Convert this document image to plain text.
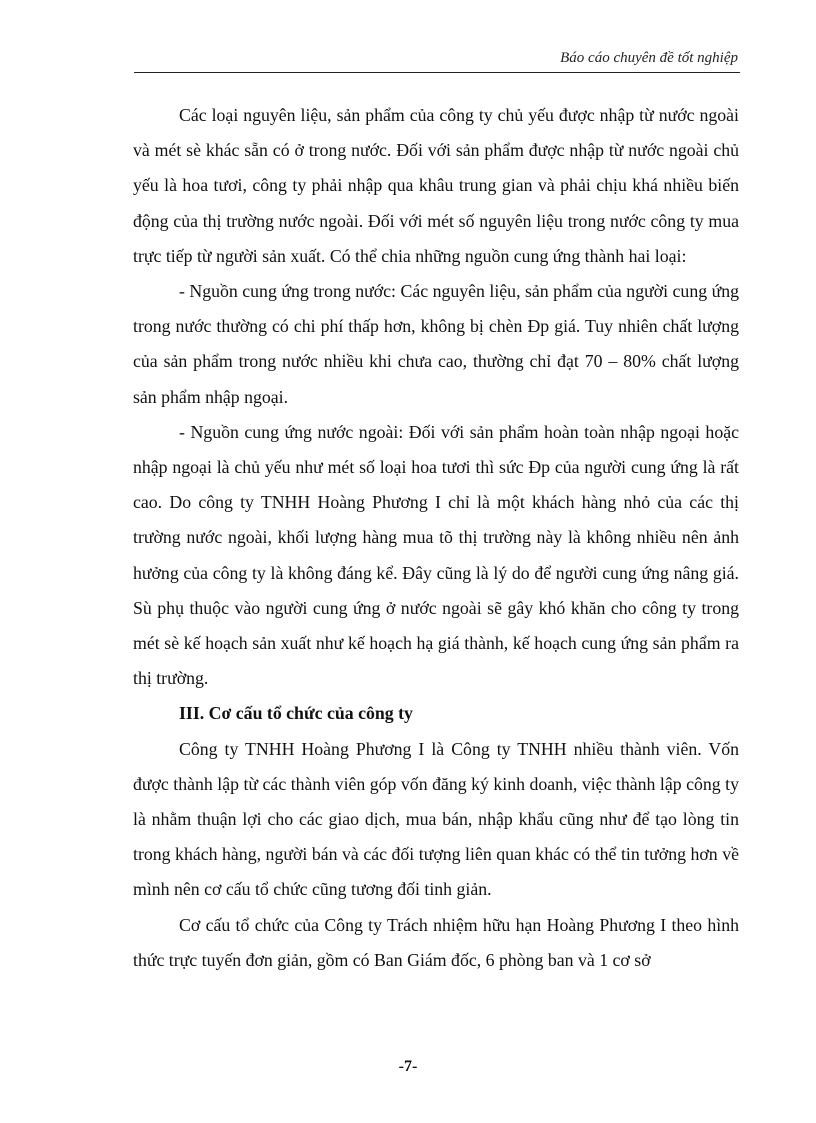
Báo cáo chuyên đề tốt nghiệp

Các loại nguyên liệu, sản phẩm của công ty chủ yếu được nhập từ nước ngoài và mét sè khác sẵn có ở trong nước. Đối với sản phẩm được nhập từ nước ngoài chủ yếu là hoa tươi, công ty phải nhập qua khâu trung gian và phải chịu khá nhiều biến động của thị trường nước ngoài. Đối với mét số nguyên liệu trong nước công ty mua trực tiếp từ người sản xuất. Có thể chia những nguồn cung ứng thành hai loại:

- Nguồn cung ứng trong nước: Các nguyên liệu, sản phẩm của người cung ứng trong nước thường có chi phí thấp hơn, không bị chèn Đp giá. Tuy nhiên chất lượng của sản phẩm trong nước nhiều khi chưa cao, thường chỉ đạt 70 – 80% chất lượng sản phẩm nhập ngoại.

- Nguồn cung ứng nước ngoài: Đối với sản phẩm hoàn toàn nhập ngoại hoặc nhập ngoại là chủ yếu như mét số loại hoa tươi thì sức Đp của người cung ứng là rất cao. Do công ty TNHH Hoàng Phương I chỉ là một khách hàng nhỏ của các thị trường nước ngoài, khối lượng hàng mua tõ thị trường này là không nhiều nên ảnh hưởng của công ty là không đáng kể. Đây cũng là lý do để người cung ứng nâng giá. Sù phụ thuộc vào người cung ứng ở nước ngoài sẽ gây khó khăn cho công ty trong mét sè kế hoạch sản xuất như kế hoạch hạ giá thành, kế hoạch cung ứng sản phẩm ra thị trường.

III. Cơ cấu tổ chức của công ty

Công ty TNHH Hoàng Phương I là Công ty TNHH nhiều thành viên. Vốn được thành lập từ các thành viên góp vốn đăng ký kinh doanh, việc thành lập công ty là nhằm thuận lợi cho các giao dịch, mua bán, nhập khẩu cũng như để tạo lòng tin trong khách hàng, người bán và các đối tượng liên quan khác có thể tin tưởng hơn về mình nên cơ cấu tổ chức cũng tương đối tinh giản.

Cơ cấu tổ chức của Công ty Trách nhiệm hữu hạn Hoàng Phương I theo hình thức trực tuyến đơn giản, gồm có Ban Giám đốc, 6 phòng ban và 1 cơ sở

-7-
